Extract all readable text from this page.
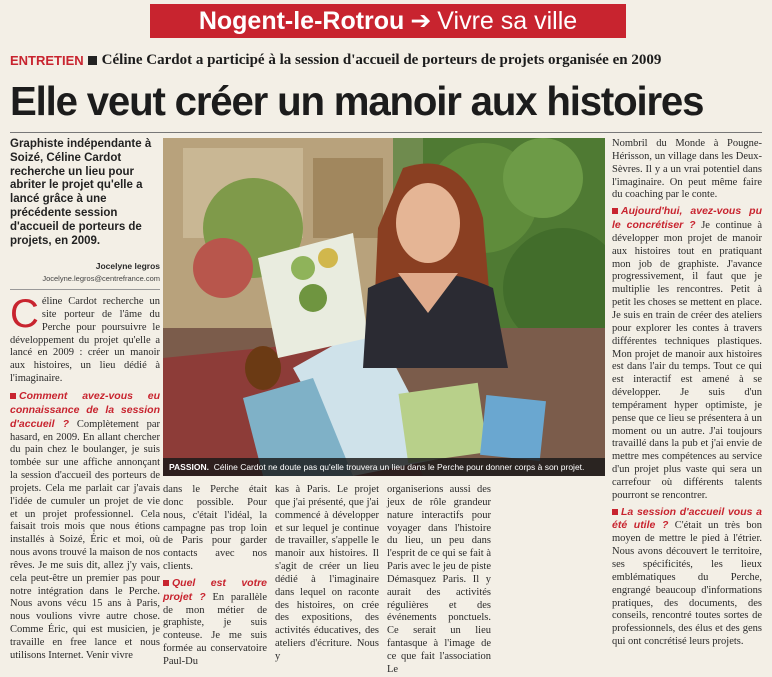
Nogent-le-Rotrou ➔ Vivre sa ville
ENTRETIEN Céline Cardot a participé à la session d'accueil de porteurs de projets organisée en 2009
Elle veut créer un manoir aux histoires

Graphiste indépendante à Soizé, Céline Cardot recherche un lieu pour abriter le projet qu'elle a lancé grâce à une précédente session d'accueil de porteurs de projets, en 2009.

Jocelyne legros
Jocelyne.legros@centrefrance.com

Céline Cardot recherche un site porteur de l'âme du Perche pour poursuivre le développement du projet qu'elle a lancé en 2009 : créer un manoir aux histoires, un lieu dédié à l'imaginaire.

Comment avez-vous eu connaissance de la session d'accueil ? Complètement par hasard, en 2009. En allant chercher du pain chez le boulanger, je suis tombée sur une affiche annonçant la session d'accueil des porteurs de projets. Cela me parlait car j'avais l'idée de cumuler un projet de vie et un projet professionnel. Cela faisait trois mois que nous étions installés à Soizé, Éric et moi, où nous avons trouvé la maison de nos rêves. Je me suis dit, allez j'y vais, cela peut-être un premier pas pour notre intégration dans le Perche. Nous avons vécu 15 ans à Paris, nous voulions vivre autre chose. Comme Éric, qui est musicien, je travaille en free lance et nous utilisons Internet. Venir vivre

PASSION. Céline Cardot ne doute pas qu'elle trouvera un lieu dans le Perche pour donner corps à son projet.

dans le Perche était donc possible. Pour nous, c'était l'idéal, la campagne pas trop loin de Paris pour garder contacts avec nos clients.

Quel est votre projet ? En parallèle de mon métier de graphiste, je suis conteuse. Je me suis formée au conservatoire Paul-Du

kas à Paris. Le projet que j'ai présenté, que j'ai commencé à développer et sur lequel je continue de travailler, s'appelle le manoir aux histoires. Il s'agit de créer un lieu dédié à l'imaginaire dans lequel on raconte des histoires, on crée des expositions, des activités éducatives, des ateliers d'écriture. Nous y

organiserions aussi des jeux de rôle grandeur nature interactifs pour voyager dans l'histoire du lieu, un peu dans l'esprit de ce qui se fait à Paris avec le jeu de piste Démasquez Paris. Il y aurait des activités régulières et des événements ponctuels. Ce serait un lieu fantasque à l'image de ce que fait l'association Le

Nombril du Monde à Pougne-Hérisson, un village dans les Deux-Sèvres. Il y a un vrai potentiel dans l'imaginaire. On peut même faire du coaching par le conte.

Aujourd'hui, avez-vous pu le concrétiser ? Je continue à développer mon projet de manoir aux histoires tout en pratiquant mon job de graphiste. J'avance progressivement, il faut que je multiplie les rencontres. Petit à petit les choses se mettent en place. Je suis en train de créer des ateliers pour explorer les contes à travers différentes techniques plastiques. Mon projet de manoir aux histoires est dans l'air du temps. Tout ce qui est interactif est amené à se développer. Je suis d'un tempérament hyper optimiste, je pense que ce lieu se présentera à un moment ou un autre. J'ai toujours travaillé dans la pub et j'ai envie de mettre mes compétences au service d'un projet plus vaste qui sera un carrefour où différents talents pourront se rencontrer.

La session d'accueil vous a été utile ? C'était un très bon moyen de mettre le pied à l'étrier. Nous avons découvert le territoire, ses spécificités, les lieux emblématiques du Perche, engrangé beaucoup d'informations pratiques, des documents, des conseils, rencontré toutes sortes de professionnels, des élus et des gens qui ont concrétisé leurs projets.
